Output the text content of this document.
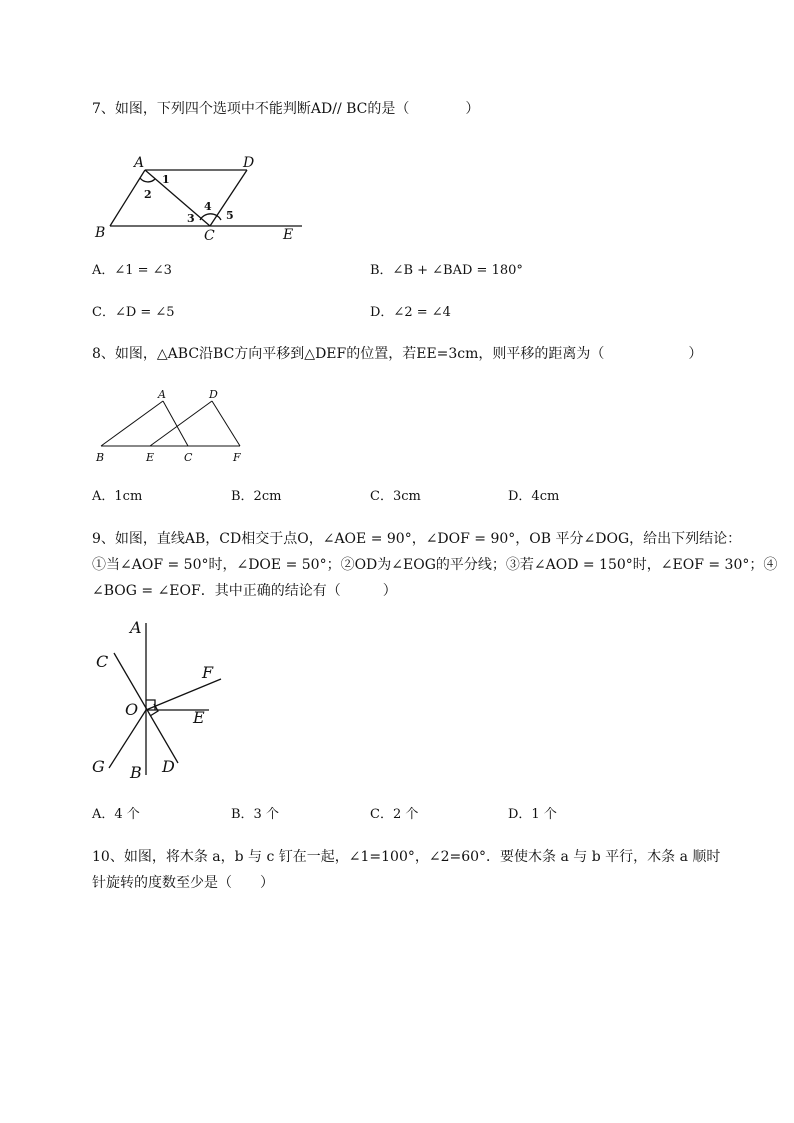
7、如图，下列四个选项中不能判断AD// BC的是（　　　　）
A	D
B	C	E
1
2
3
4
5
A．∠1 = ∠3	B．∠B + ∠BAD = 180°
C．∠D = ∠5	D．∠2 = ∠4
8、如图，△ABC沿BC方向平移到△DEF的位置，若EE=3cm，则平移的距离为（　　　　　　）
A	D
B	E	C	F
A．1cm	B．2cm	C．3cm	D．4cm
9、如图，直线AB，CD相交于点O，∠AOE = 90°，∠DOF = 90°，OB 平分∠DOG，给出下列结论：
①当∠AOF = 50°时，∠DOE = 50°；②OD为∠EOG的平分线；③若∠AOD = 150°时，∠EOF = 30°；④
∠BOG = ∠EOF．其中正确的结论有（　　　）
A
C
F
O	E
G B D
A．4 个	B．3 个	C．2 个	D．1 个
10、如图，将木条 a，b 与 c 钉在一起，∠1=100°，∠2=60°．要使木条 a 与 b 平行，木条 a 顺时
针旋转的度数至少是（　　）
